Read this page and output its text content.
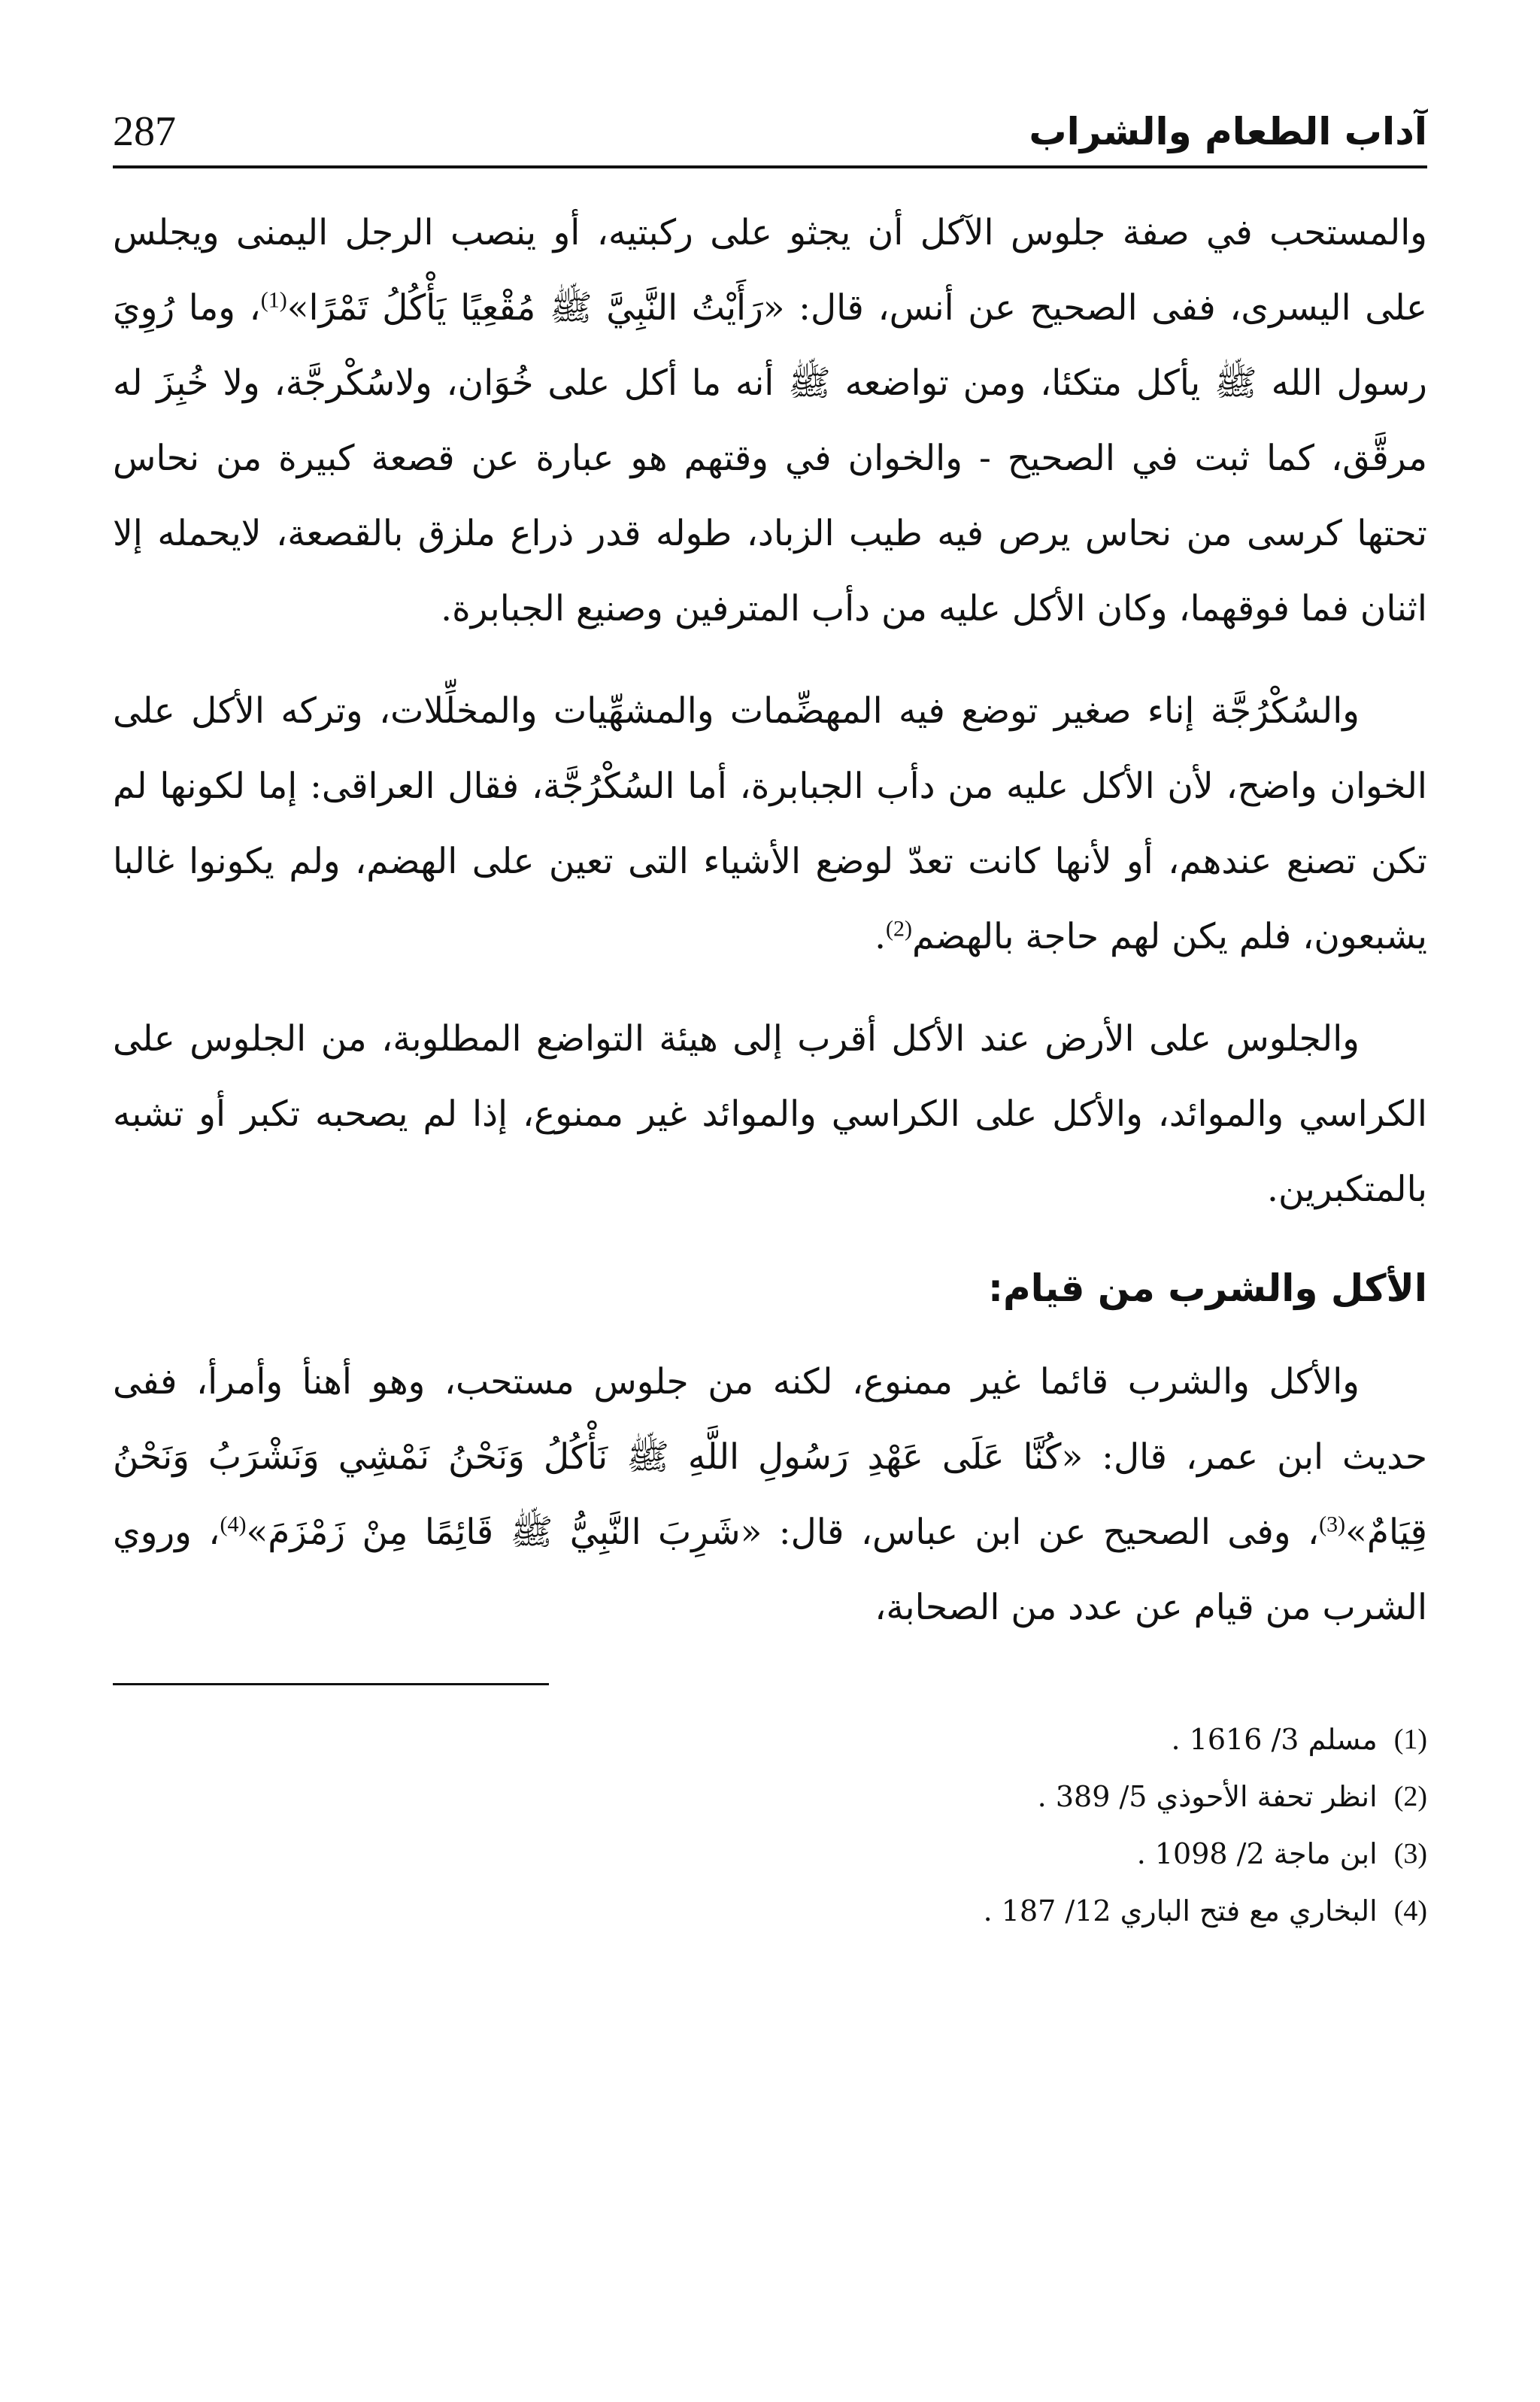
آداب الطعام والشراب
287

والمستحب في صفة جلوس الآكل أن يجثو على ركبتيه، أو ينصب الرجل اليمنى ويجلس على اليسرى، ففى الصحيح عن أنس، قال: «رَأَيْتُ النَّبِيَّ ﷺ مُقْعِيًا يَأْكُلُ تَمْرًا»$^{(1)}$، وما رُوِيَ رسول الله ﷺ يأكل متكئا، ومن تواضعه ﷺ أنه ما أكل على خُوَان، ولاسُكْرجَّة، ولا خُبِزَ له مرقَّق، كما ثبت في الصحيح - والخوان في وقتهم هو عبارة عن قصعة كبيرة من نحاس تحتها كرسى من نحاس يرص فيه طيب الزباد، طوله قدر ذراع ملزق بالقصعة، لايحمله إلا اثنان فما فوقهما، وكان الأكل عليه من دأب المترفين وصنيع الجبابرة.

والسُكْرُجَّة إناء صغير توضع فيه المهضِّمات والمشهِّيات والمخلِّلات، وتركه الأكل على الخوان واضح، لأن الأكل عليه من دأب الجبابرة، أما السُكْرُجَّة، فقال العراقى: إما لكونها لم تكن تصنع عندهم، أو لأنها كانت تعدّ لوضع الأشياء التى تعين على الهضم، ولم يكونوا غالبا يشبعون، فلم يكن لهم حاجة بالهضم$^{(2)}$.

والجلوس على الأرض عند الأكل أقرب إلى هيئة التواضع المطلوبة، من الجلوس على الكراسي والموائد، والأكل على الكراسي والموائد غير ممنوع، إذا لم يصحبه تكبر أو تشبه بالمتكبرين.

الأكل والشرب من قيام:

والأكل والشرب قائما غير ممنوع، لكنه من جلوس مستحب، وهو أهنأ وأمرأ، ففى حديث ابن عمر، قال: «كُنَّا عَلَى عَهْدِ رَسُولِ اللَّهِ ﷺ نَأْكُلُ وَنَحْنُ نَمْشِي وَنَشْرَبُ وَنَحْنُ قِيَامٌ»$^{(3)}$، وفى الصحيح عن ابن عباس، قال: «شَرِبَ النَّبِيُّ ﷺ قَائِمًا مِنْ زَمْزَمَ»$^{(4)}$، وروي الشرب من قيام عن عدد من الصحابة،

(1)
مسلم 3/ 1616 .
(2)
انظر تحفة الأحوذي 5/ 389 .
(3)
ابن ماجة 2/ 1098 .
(4)
البخاري مع فتح الباري 12/ 187 .
